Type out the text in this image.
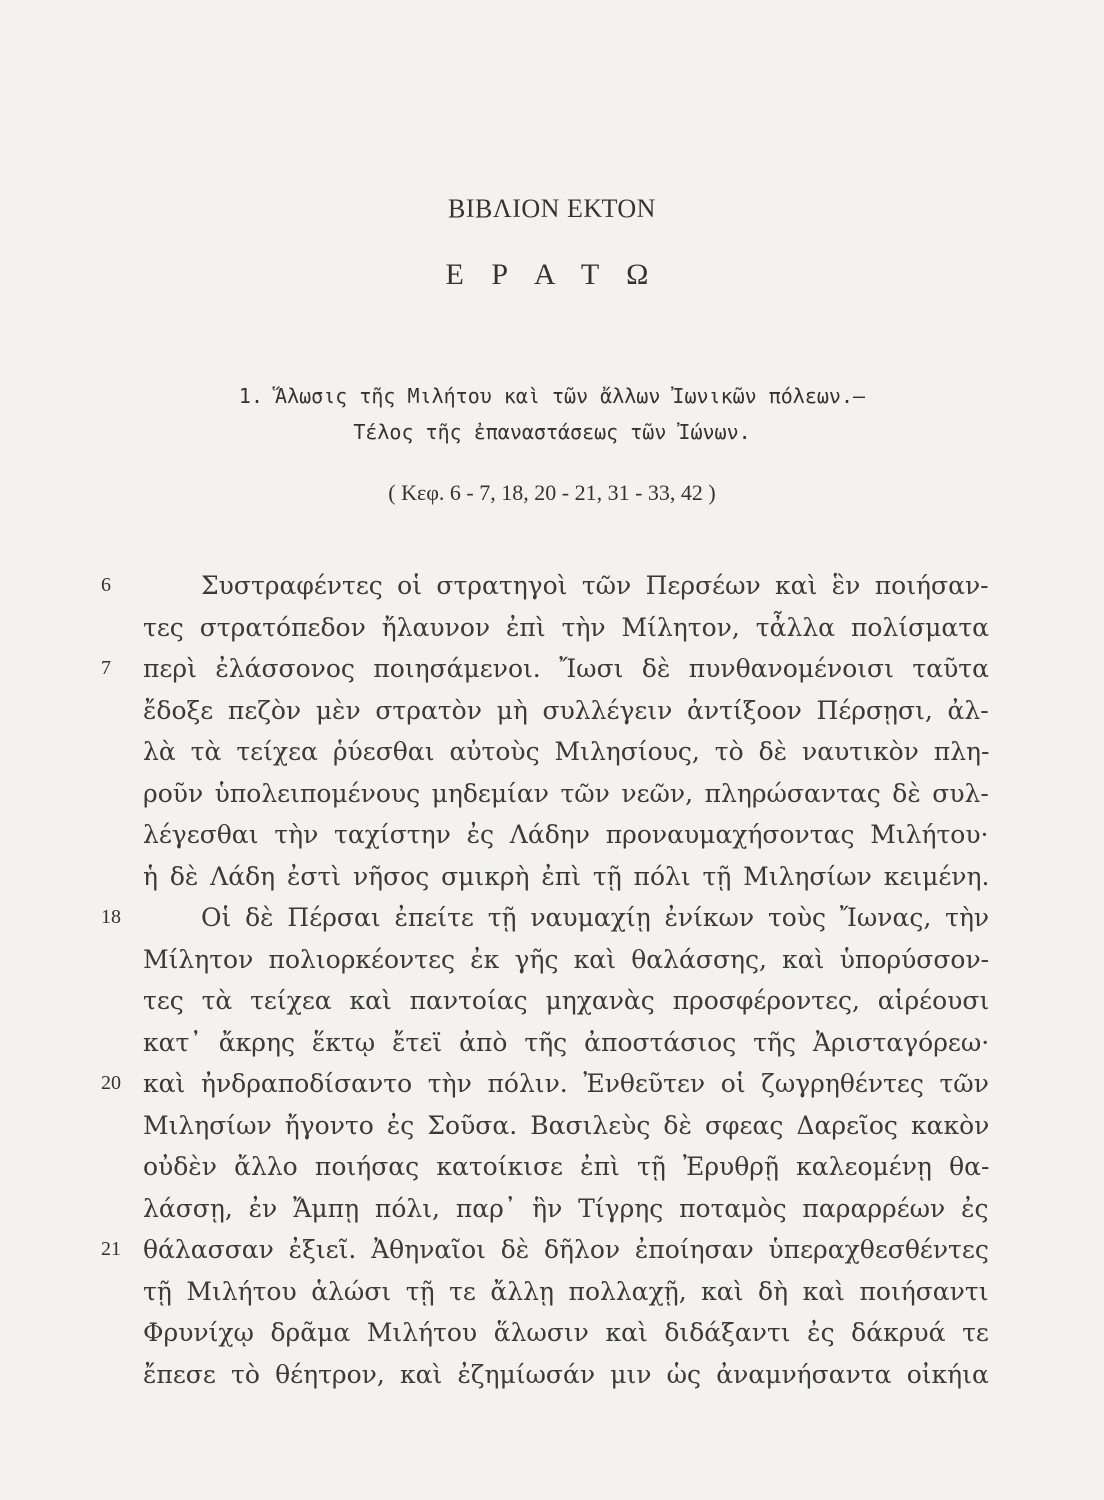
ΒΙΒΛΙΟΝ ΕΚΤΟΝ
Ε Ρ Α Τ Ω
1. Ἅλωσις τῆς Μιλήτου καὶ τῶν ἄλλων Ἰωνικῶν πόλεων.—
Τέλος τῆς ἐπαναστάσεως τῶν Ἰώνων.
( Κεφ. 6 - 7, 18, 20 - 21, 31 - 33, 42 )
6	Συστραφέντες οἱ στρατηγοὶ τῶν Περσέων καὶ ἓν ποιήσαν-
τες στρατόπεδον ἤλαυνον ἐπὶ τὴν Μίλητον, τἆλλα πολίσματα
7	περὶ ἐλάσσονος ποιησάμενοι. Ἴωσι δὲ πυνθανομένοισι ταῦτα
ἔδοξε πεζὸν μὲν στρατὸν μὴ συλλέγειν ἀντίξοον Πέρσῃσι, ἀλ-
λὰ τὰ τείχεα ῥύεσθαι αὐτοὺς Μιλησίους, τὸ δὲ ναυτικὸν πλη-
ροῦν ὑπολειπομένους μηδεμίαν τῶν νεῶν, πληρώσαντας δὲ συλ-
λέγεσθαι τὴν ταχίστην ἐς Λάδην προναυμαχήσοντας Μιλήτου·
ἡ δὲ Λάδη ἐστὶ νῆσος σμικρὴ ἐπὶ τῇ πόλι τῇ Μιλησίων κειμένη.
18	Οἱ δὲ Πέρσαι ἐπείτε τῇ ναυμαχίῃ ἐνίκων τοὺς Ἴωνας, τὴν
Μίλητον πολιορκέοντες ἐκ γῆς καὶ θαλάσσης, καὶ ὑπορύσσον-
τες τὰ τείχεα καὶ παντοίας μηχανὰς προσφέροντες, αἱρέουσι
κατ᾽ ἄκρης ἕκτῳ ἔτεϊ ἀπὸ τῆς ἀποστάσιος τῆς Ἀρισταγόρεω·
20 καὶ ἠνδραποδίσαντο τὴν πόλιν. Ἐνθεῦτεν οἱ ζωγρηθέντες τῶν
Μιλησίων ἤγοντο ἐς Σοῦσα. Βασιλεὺς δὲ σφεας Δαρεῖος κακὸν
οὐδὲν ἄλλο ποιήσας κατοίκισε ἐπὶ τῇ Ἐρυθρῇ καλεομένῃ θα-
λάσσῃ, ἐν Ἄμπῃ πόλι, παρ᾽ ἣν Τίγρης ποταμὸς παραρρέων ἐς
21 θάλασσαν ἐξιεῖ. Ἀθηναῖοι δὲ δῆλον ἐποίησαν ὑπεραχθεσθέντες
τῇ Μιλήτου ἁλώσι τῇ τε ἄλλῃ πολλαχῇ, καὶ δὴ καὶ ποιήσαντι
Φρυνίχῳ δρᾶμα Μιλήτου ἅλωσιν καὶ διδάξαντι ἐς δάκρυά τε
ἔπεσε τὸ θέητρον, καὶ ἐζημίωσάν μιν ὡς ἀναμνήσαντα οἰκήια
